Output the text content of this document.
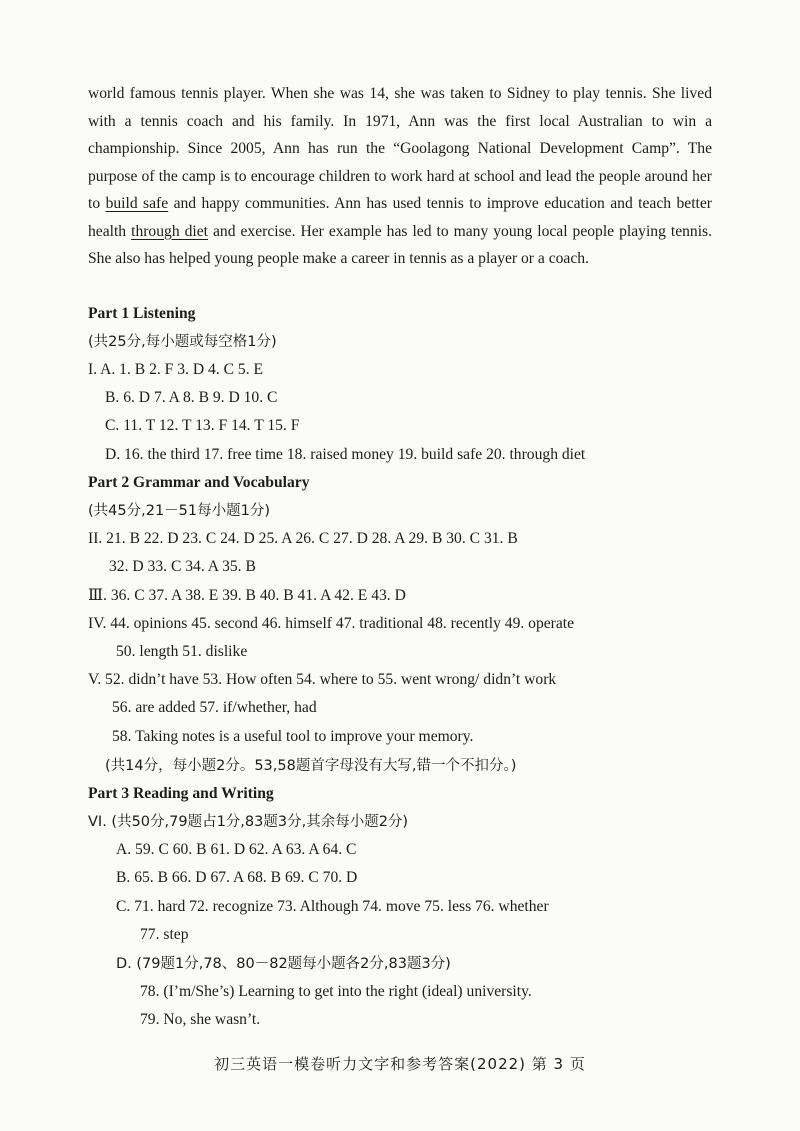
world famous tennis player. When she was 14, she was taken to Sidney to play tennis. She lived with a tennis coach and his family. In 1971, Ann was the first local Australian to win a championship. Since 2005, Ann has run the “Goolagong National Development Camp”. The purpose of the camp is to encourage children to work hard at school and lead the people around her to build safe and happy communities. Ann has used tennis to improve education and teach better health through diet and exercise. Her example has led to many young local people playing tennis. She also has helped young people make a career in tennis as a player or a coach.

Part 1 Listening
(共25分,每小题或每空格1分)
I. A. 1. B 2. F 3. D 4. C 5. E
B. 6. D 7. A 8. B 9. D 10. C
C. 11. T 12. T 13. F 14. T 15. F
D. 16. the third 17. free time 18. raised money 19. build safe 20. through diet
Part 2 Grammar and Vocabulary
(共45分,21－51每小题1分)
II. 21. B 22. D 23. C 24. D 25. A 26. C 27. D 28. A 29. B 30. C 31. B
32. D 33. C 34. A 35. B
Ⅲ. 36. C 37. A 38. E 39. B 40. B 41. A 42. E 43. D
IV. 44. opinions 45. second 46. himself 47. traditional 48. recently 49. operate
50. length 51. dislike
V. 52. didn’t have 53. How often 54. where to 55. went wrong/ didn’t work
56. are added 57. if/whether, had
58. Taking notes is a useful tool to improve your memory.
(共14分，每小题2分。53,58题首字母没有大写,错一个不扣分。)
Part 3 Reading and Writing
VI. (共50分,79题占1分,83题3分,其余每小题2分)
A. 59. C 60. B 61. D 62. A 63. A 64. C
B. 65. B 66. D 67. A 68. B 69. C 70. D
C. 71. hard 72. recognize 73. Although 74. move 75. less 76. whether
77. step
D. (79题1分,78、80－82题每小题各2分,83题3分)
78. (I’m/She’s) Learning to get into the right (ideal) university.
79. No, she wasn’t.
初三英语一模卷听力文字和参考答案(2022) 第 3 页
